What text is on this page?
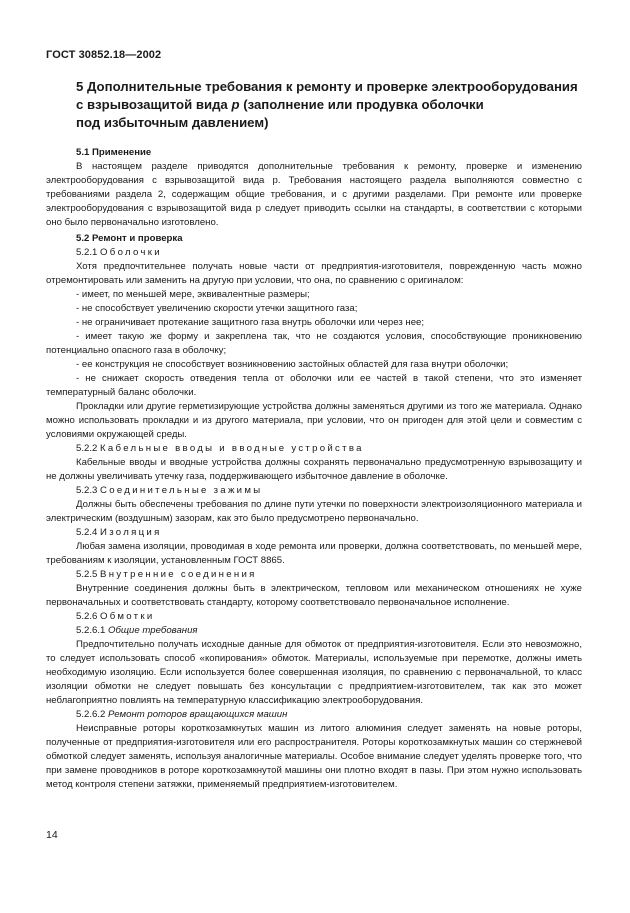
ГОСТ 30852.18—2002
5 Дополнительные требования к ремонту и проверке электрооборудования
с взрывозащитой вида р (заполнение или продувка оболочки
под избыточным давлением)

5.1 Применение

В настоящем разделе приводятся дополнительные требования к ремонту, проверке и изменению электрооборудования с взрывозащитой вида р. Требования настоящего раздела выполняются совместно с требованиями раздела 2, содержащим общие требования, и с другими разделами. При ремонте или проверке электрооборудования с взрывозащитой вида р следует приводить ссылки на стандарты, в соответствии с которыми оно было первоначально изготовлено.

5.2 Ремонт и проверка

5.2.1 Оболочки

Хотя предпочтительнее получать новые части от предприятия-изготовителя, поврежденную часть можно отремонтировать или заменить на другую при условии, что она, по сравнению с оригиналом:

- имеет, по меньшей мере, эквивалентные размеры;

- не способствует увеличению скорости утечки защитного газа;

- не ограничивает протекание защитного газа внутрь оболочки или через нее;

- имеет такую же форму и закреплена так, что не создаются условия, способствующие проникновению потенциально опасного газа в оболочку;

- ее конструкция не способствует возникновению застойных областей для газа внутри оболочки;

- не снижает скорость отведения тепла от оболочки или ее частей в такой степени, что это изменяет температурный баланс оболочки.

Прокладки или другие герметизирующие устройства должны заменяться другими из того же материала. Однако можно использовать прокладки и из другого материала, при условии, что он пригоден для этой цели и совместим с условиями окружающей среды.

5.2.2 Кабельные вводы и вводные устройства

Кабельные вводы и вводные устройства должны сохранять первоначально предусмотренную взрывозащиту и не должны увеличивать утечку газа, поддерживающего избыточное давление в оболочке.

5.2.3 Соединительные зажимы

Должны быть обеспечены требования по длине пути утечки по поверхности электроизоляционного материала и электрическим (воздушным) зазорам, как это было предусмотрено первоначально.

5.2.4 Изоляция

Любая замена изоляции, проводимая в ходе ремонта или проверки, должна соответствовать, по меньшей мере, требованиям к изоляции, установленным ГОСТ 8865.

5.2.5 Внутренние соединения

Внутренние соединения должны быть в электрическом, тепловом или механическом отношениях не хуже первоначальных и соответствовать стандарту, которому соответствовало первоначальное исполнение.

5.2.6 Обмотки

5.2.6.1 Общие требования

Предпочтительно получать исходные данные для обмоток от предприятия-изготовителя. Если это невозможно, то следует использовать способ «копирования» обмоток. Материалы, используемые при перемотке, должны иметь необходимую изоляцию. Если используется более совершенная изоляция, по сравнению с первоначальной, то класс изоляции обмотки не следует повышать без консультации с предприятием-изготовителем, так как это может неблагоприятно повлиять на температурную классификацию электрооборудования.

5.2.6.2 Ремонт роторов вращающихся машин

Неисправные роторы короткозамкнутых машин из литого алюминия следует заменять на новые роторы, полученные от предприятия-изготовителя или его распространителя. Роторы короткозамкнутых машин со стержневой обмоткой следует заменять, используя аналогичные материалы. Особое внимание следует уделять проверке того, что при замене проводников в роторе короткозамкнутой машины они плотно входят в пазы. При этом нужно использовать метод контроля степени затяжки, применяемый предприятием-изготовителем.

14
